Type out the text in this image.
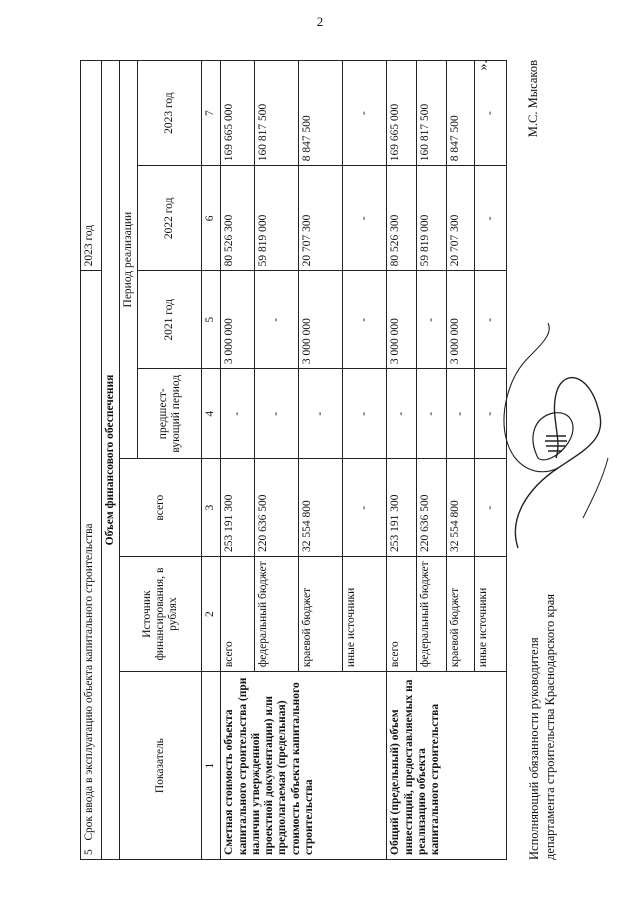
2
5   Срок ввода в эксплуатацию объекта капитального строительства					2023 год	
Объем финансового обеспечения						
Показатель	Источник финансирования, в рублях	всего	Период реализации			
			предшест-вующий период	2021 год	2022 год	2023 год
1	2	3	4	5	6	7
Сметная стоимость объекта капитального строительства (при наличии утвержденной проектной документации) или предполагаемая (предельная) стоимость объекта капитального строительства	всего	253 191 300	-	3 000 000	80 526 300	169 665 000
	федеральный бюджет	220 636 500	-	-	59 819 000	160 817 500
	краевой бюджет	32 554 800	-	3 000 000	20 707 300	8 847 500
	иные источники	-	-	-	-	-
Общий (предельный) объем инвестиций, предоставляемых на реализацию объекта капитального строительства	всего	253 191 300	-	3 000 000	80 526 300	169 665 000
	федеральный бюджет	220 636 500	-	-	59 819 000	160 817 500
	краевой бюджет	32 554 800	-	3 000 000	20 707 300	8 847 500
	иные источники	-	-	-	-	-
Исполняющий обязанности руководителя департамента строительства Краснодарского края
М.С. Мысаков
».
